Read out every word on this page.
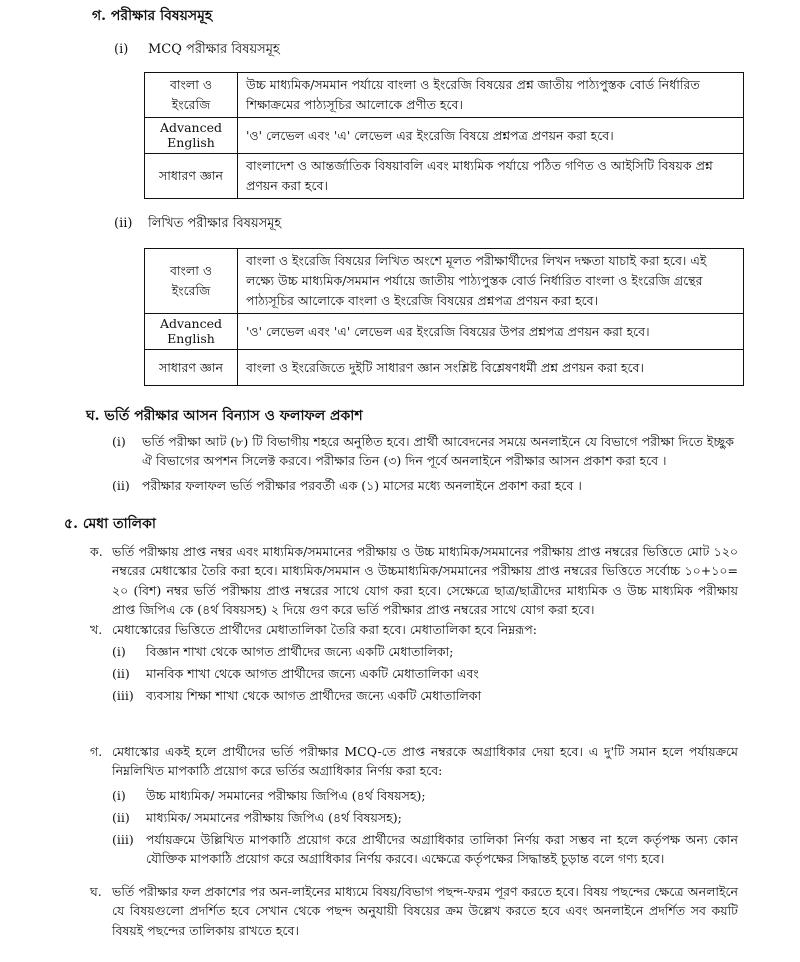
গ. পরীক্ষার বিষয়সমূহ
(i) MCQ পরীক্ষার বিষয়সমূহ
বাংলা ও ইংরেজি	উচ্চ মাধ্যমিক/সমমান পর্যায়ে বাংলা ও ইংরেজি বিষয়ের প্রশ্ন জাতীয় পাঠ্যপুস্তক বোর্ড নির্ধারিত শিক্ষাক্রমের পাঠ্যসূচির আলোকে প্রণীত হবে।
Advanced English	'ও' লেভেল এবং 'এ' লেভেল এর ইংরেজি বিষয়ে প্রশ্নপত্র প্রণয়ন করা হবে।
সাধারণ জ্ঞান	বাংলাদেশ ও আন্তর্জাতিক বিষয়াবলি এবং মাধ্যমিক পর্যায়ে পঠিত গণিত ও আইসিটি বিষয়ক প্রশ্ন প্রণয়ন করা হবে।
(ii) লিখিত পরীক্ষার বিষয়সমূহ
বাংলা ও ইংরেজি	বাংলা ও ইংরেজি বিষয়ের লিখিত অংশে মূলত পরীক্ষার্থীদের লিখন দক্ষতা যাচাই করা হবে। এই লক্ষ্যে উচ্চ মাধ্যমিক/সমমান পর্যায়ে জাতীয় পাঠ্যপুস্তক বোর্ড নির্ধারিত বাংলা ও ইংরেজি গ্রন্থের পাঠ্যসূচির আলোকে বাংলা ও ইংরেজি বিষয়ের প্রশ্নপত্র প্রণয়ন করা হবে।
Advanced English	'ও' লেভেল এবং 'এ' লেভেল এর ইংরেজি বিষয়ের উপর প্রশ্নপত্র প্রণয়ন করা হবে।
সাধারণ জ্ঞান	বাংলা ও ইংরেজিতে দুইটি সাধারণ জ্ঞান সংশ্লিষ্ট বিশ্লেষণধর্মী প্রশ্ন প্রণয়ন করা হবে।
ঘ. ভর্তি পরীক্ষার আসন বিন্যাস ও ফলাফল প্রকাশ
(i) ভর্তি পরীক্ষা আট (৮) টি বিভাগীয় শহরে অনুষ্ঠিত হবে। প্রার্থী আবেদনের সময়ে অনলাইনে যে বিভাগে পরীক্ষা দিতে ইচ্ছুক ঐ বিভাগের অপশন সিলেক্ট করবে। পরীক্ষার তিন (৩) দিন পূর্বে অনলাইনে পরীক্ষার আসন প্রকাশ করা হবে ।
(ii) পরীক্ষার ফলাফল ভর্তি পরীক্ষার পরবর্তী এক (১) মাসের মধ্যে অনলাইনে প্রকাশ করা হবে ।
৫. মেধা তালিকা
ক. ভর্তি পরীক্ষায় প্রাপ্ত নম্বর এবং মাধ্যমিক/সমমানের পরীক্ষায় ও উচ্চ মাধ্যমিক/সমমানের পরীক্ষায় প্রাপ্ত নম্বরের ভিত্তিতে মোট ১২০ নম্বরের মেধাস্কোর তৈরি করা হবে। মাধ্যমিক/সমমান ও উচ্চমাধ্যমিক/সমমানের পরীক্ষায় প্রাপ্ত নম্বরের ভিত্তিতে সর্বোচ্চ ১০+১০= ২০ (বিশ) নম্বর ভর্তি পরীক্ষায় প্রাপ্ত নম্বরের সাথে যোগ করা হবে। সেক্ষেত্রে ছাত্র/ছাত্রীদের মাধ্যমিক ও উচ্চ মাধ্যমিক পরীক্ষায় প্রাপ্ত জিপিএ কে (৪র্থ বিষয়সহ) ২ দিয়ে গুণ করে ভর্তি পরীক্ষার প্রাপ্ত নম্বরের সাথে যোগ করা হবে।
খ. মেধাস্কোরের ভিত্তিতে প্রার্থীদের মেধাতালিকা তৈরি করা হবে। মেধাতালিকা হবে নিম্নরূপ:
(i) বিজ্ঞান শাখা থেকে আগত প্রার্থীদের জন্যে একটি মেধাতালিকা;
(ii) মানবিক শাখা থেকে আগত প্রার্থীদের জন্যে একটি মেধাতালিকা এবং
(iii) ব্যবসায় শিক্ষা শাখা থেকে আগত প্রার্থীদের জন্যে একটি মেধাতালিকা
গ. মেধাস্কোর একই হলে প্রার্থীদের ভর্তি পরীক্ষার MCQ-তে প্রাপ্ত নম্বরকে অগ্রাধিকার দেয়া হবে। এ দু'টি সমান হলে পর্যায়ক্রমে নিম্নলিখিত মাপকাঠি প্রয়োগ করে ভর্তির অগ্রাধিকার নির্ণয় করা হবে:
(i) উচ্চ মাধ্যমিক/ সমমানের পরীক্ষায় জিপিএ (৪র্থ বিষয়সহ);
(ii) মাধ্যমিক/ সমমানের পরীক্ষায় জিপিএ (৪র্থ বিষয়সহ);
(iii) পর্যায়ক্রমে উল্লিখিত মাপকাঠি প্রয়োগ করে প্রার্থীদের অগ্রাধিকার তালিকা নির্ণয় করা সম্ভব না হলে কর্তৃপক্ষ অন্য কোন যৌক্তিক মাপকাঠি প্রয়োগ করে অগ্রাধিকার নির্ণয় করবে। এক্ষেত্রে কর্তৃপক্ষের সিদ্ধান্তই চূড়ান্ত বলে গণ্য হবে।
ঘ. ভর্তি পরীক্ষার ফল প্রকাশের পর অন-লাইনের মাধ্যমে বিষয়/বিভাগ পছন্দ-ফরম পূরণ করতে হবে। বিষয় পছন্দের ক্ষেত্রে অনলাইনে যে বিষয়গুলো প্রদর্শিত হবে সেখান থেকে পছন্দ অনুযায়ী বিষয়ের ক্রম উল্লেখ করতে হবে এবং অনলাইনে প্রদর্শিত সব কয়টি বিষয়ই পছন্দের তালিকায় রাখতে হবে।
